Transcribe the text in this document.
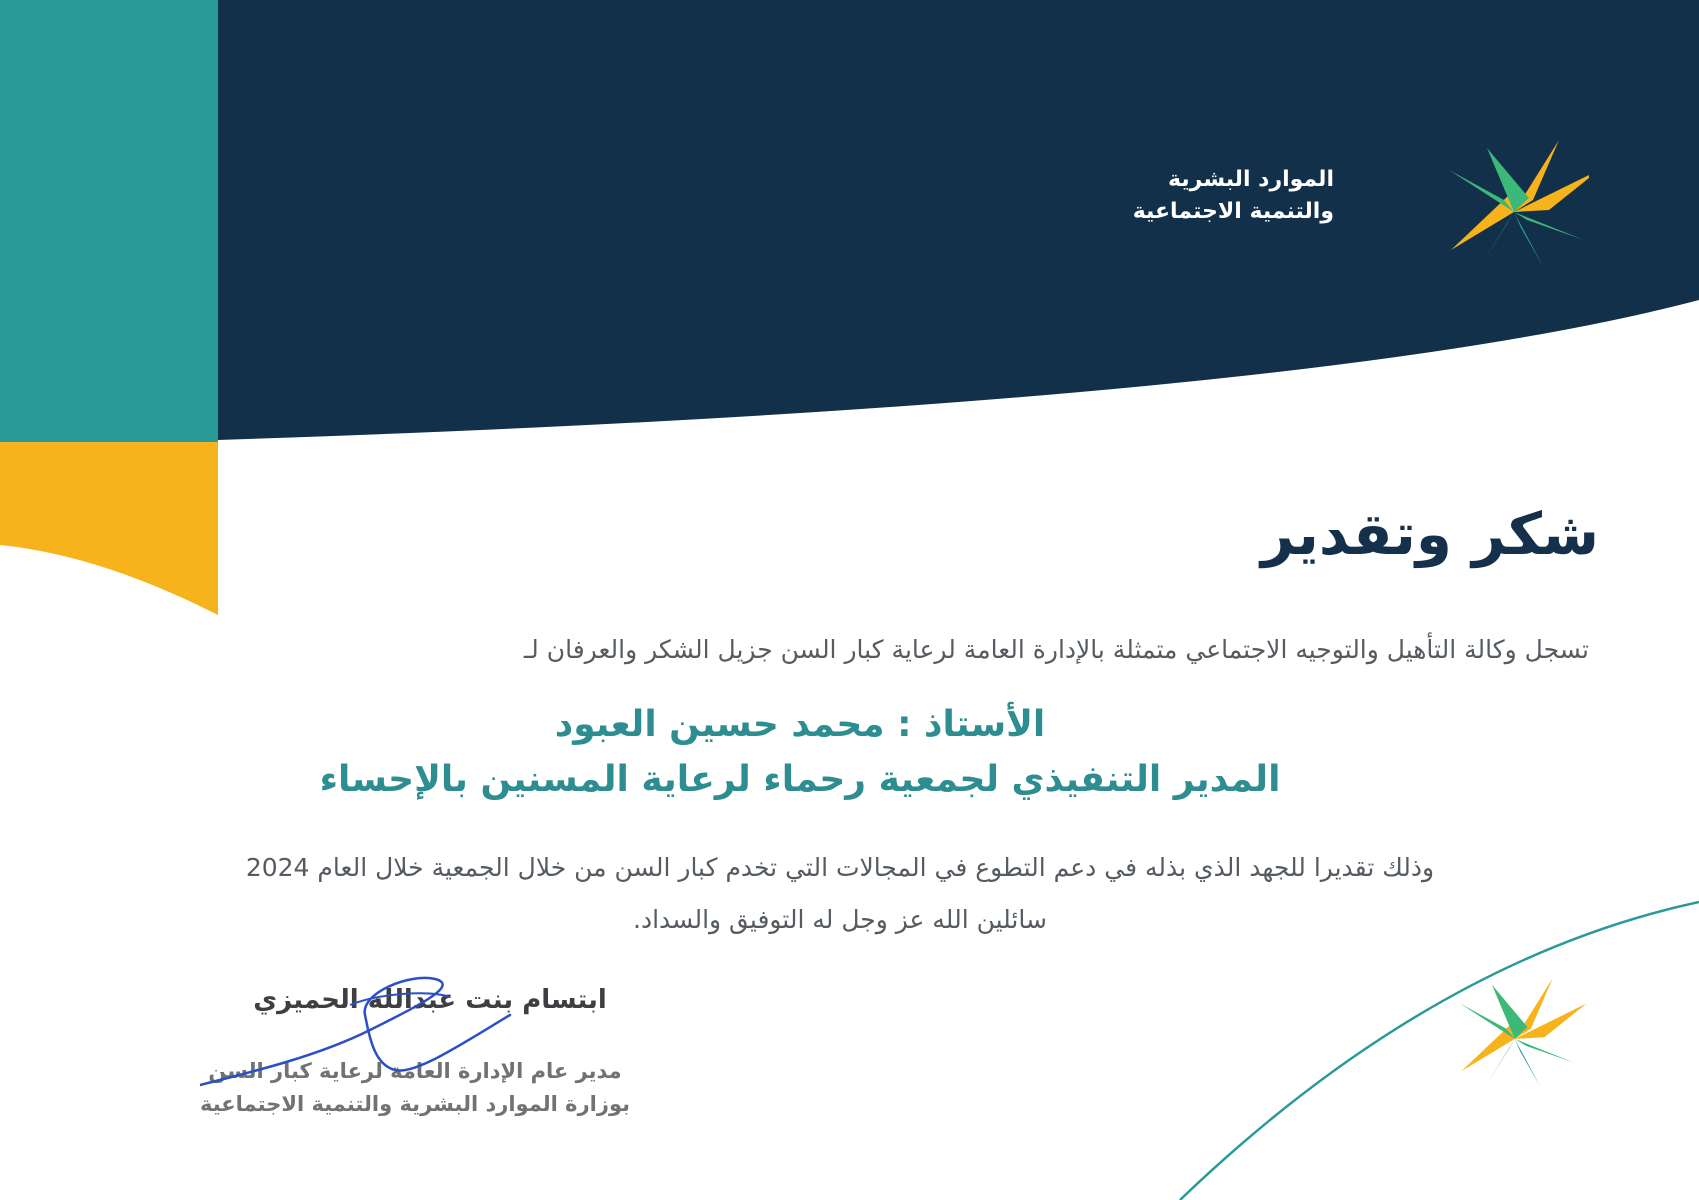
الموارد البشرية
والتنمية الاجتماعية
شكر وتقدير
تسجل وكالة التأهيل والتوجيه الاجتماعي متمثلة بالإدارة العامة لرعاية كبار السن جزيل الشكر والعرفان لـ
الأستاذ : محمد حسين العبود
المدير التنفيذي لجمعية رحماء لرعاية المسنين بالإحساء
وذلك تقديرا للجهد الذي بذله في دعم التطوع في المجالات التي تخدم كبار السن من خلال الجمعية خلال العام 2024
سائلين الله عز وجل له التوفيق والسداد.
ابتسام بنت عبدالله الحميزي
مدير عام الإدارة العامة لرعاية كبار السن
بوزارة الموارد البشرية والتنمية الاجتماعية
